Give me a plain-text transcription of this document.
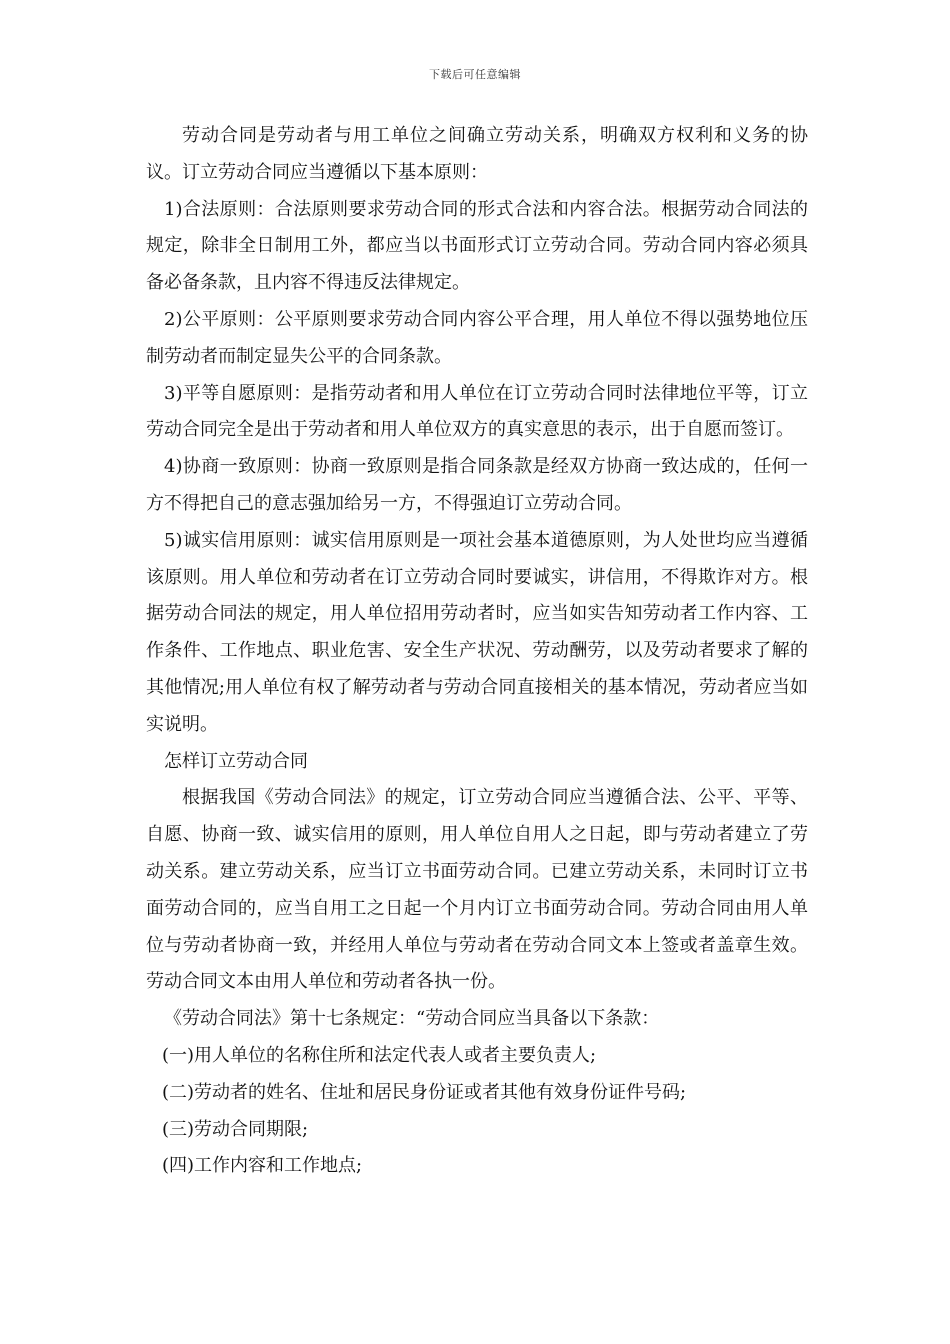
下载后可任意编辑

劳动合同是劳动者与用工单位之间确立劳动关系，明确双方权利和义务的协议。订立劳动合同应当遵循以下基本原则：

1)合法原则：合法原则要求劳动合同的形式合法和内容合法。根据劳动合同法的规定，除非全日制用工外，都应当以书面形式订立劳动合同。劳动合同内容必须具备必备条款，且内容不得违反法律规定。

2)公平原则：公平原则要求劳动合同内容公平合理，用人单位不得以强势地位压制劳动者而制定显失公平的合同条款。

3)平等自愿原则：是指劳动者和用人单位在订立劳动合同时法律地位平等，订立劳动合同完全是出于劳动者和用人单位双方的真实意思的表示，出于自愿而签订。

4)协商一致原则：协商一致原则是指合同条款是经双方协商一致达成的，任何一方不得把自己的意志强加给另一方，不得强迫订立劳动合同。

5)诚实信用原则：诚实信用原则是一项社会基本道德原则，为人处世均应当遵循该原则。用人单位和劳动者在订立劳动合同时要诚实，讲信用，不得欺诈对方。根据劳动合同法的规定，用人单位招用劳动者时，应当如实告知劳动者工作内容、工作条件、工作地点、职业危害、安全生产状况、劳动酬劳，以及劳动者要求了解的其他情况;用人单位有权了解劳动者与劳动合同直接相关的基本情况，劳动者应当如实说明。

怎样订立劳动合同

根据我国《劳动合同法》的规定，订立劳动合同应当遵循合法、公平、平等、自愿、协商一致、诚实信用的原则，用人单位自用人之日起，即与劳动者建立了劳动关系。建立劳动关系，应当订立书面劳动合同。已建立劳动关系，未同时订立书面劳动合同的，应当自用工之日起一个月内订立书面劳动合同。劳动合同由用人单位与劳动者协商一致，并经用人单位与劳动者在劳动合同文本上签或者盖章生效。劳动合同文本由用人单位和劳动者各执一份。

《劳动合同法》第十七条规定：“劳动合同应当具备以下条款：

(一)用人单位的名称住所和法定代表人或者主要负责人;

(二)劳动者的姓名、住址和居民身份证或者其他有效身份证件号码;

(三)劳动合同期限;

(四)工作内容和工作地点;
